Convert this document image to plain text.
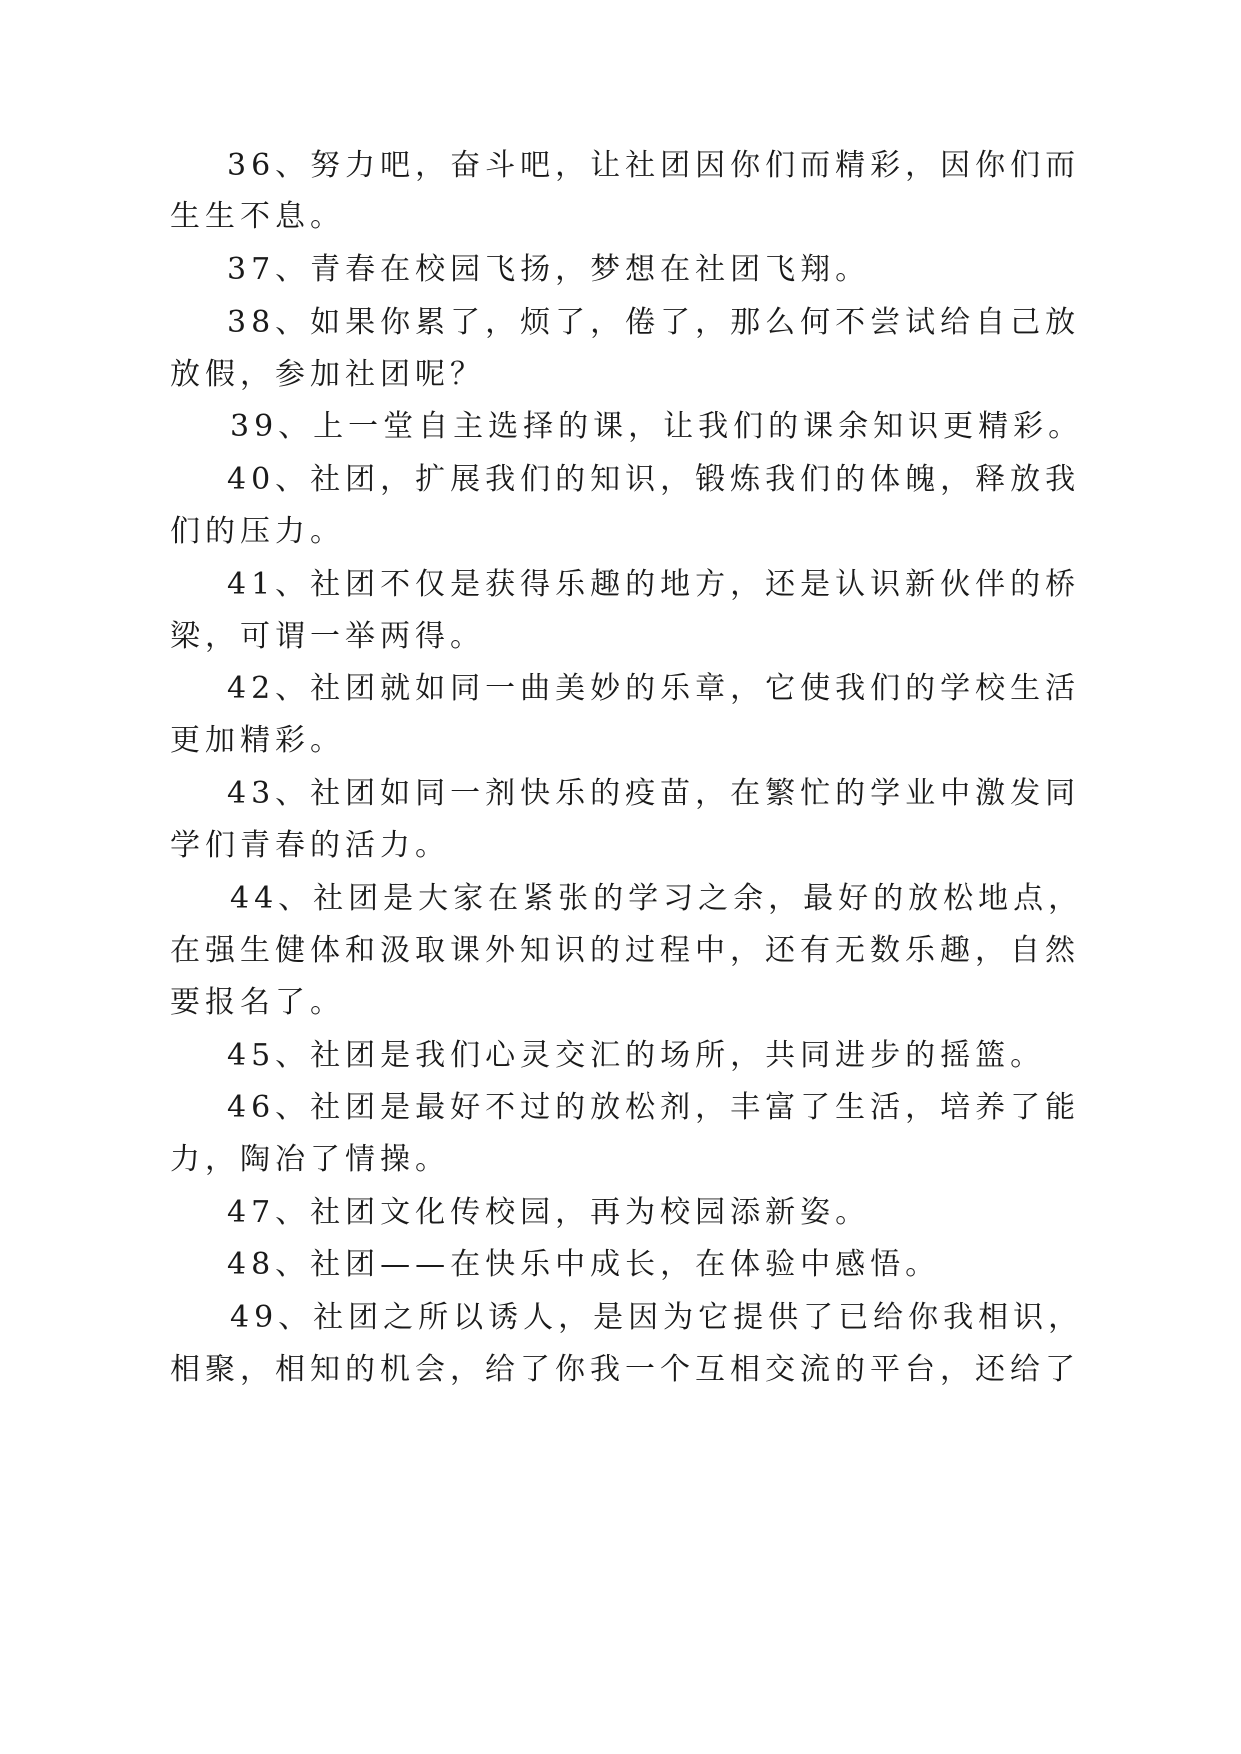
36、努力吧，奋斗吧，让社团因你们而精彩，因你们而
生生不息。
37、青春在校园飞扬，梦想在社团飞翔。
38、如果你累了，烦了，倦了，那么何不尝试给自己放
放假，参加社团呢？
39、上一堂自主选择的课，让我们的课余知识更精彩。
40、社团，扩展我们的知识，锻炼我们的体魄，释放我
们的压力。
41、社团不仅是获得乐趣的地方，还是认识新伙伴的桥
梁，可谓一举两得。
42、社团就如同一曲美妙的乐章，它使我们的学校生活
更加精彩。
43、社团如同一剂快乐的疫苗，在繁忙的学业中激发同
学们青春的活力。
44、社团是大家在紧张的学习之余，最好的放松地点，
在强生健体和汲取课外知识的过程中，还有无数乐趣，自然
要报名了。
45、社团是我们心灵交汇的场所，共同进步的摇篮。
46、社团是最好不过的放松剂，丰富了生活，培养了能
力，陶冶了情操。
47、社团文化传校园，再为校园添新姿。
48、社团——在快乐中成长，在体验中感悟。
49、社团之所以诱人，是因为它提供了已给你我相识，
相聚，相知的机会，给了你我一个互相交流的平台，还给了
